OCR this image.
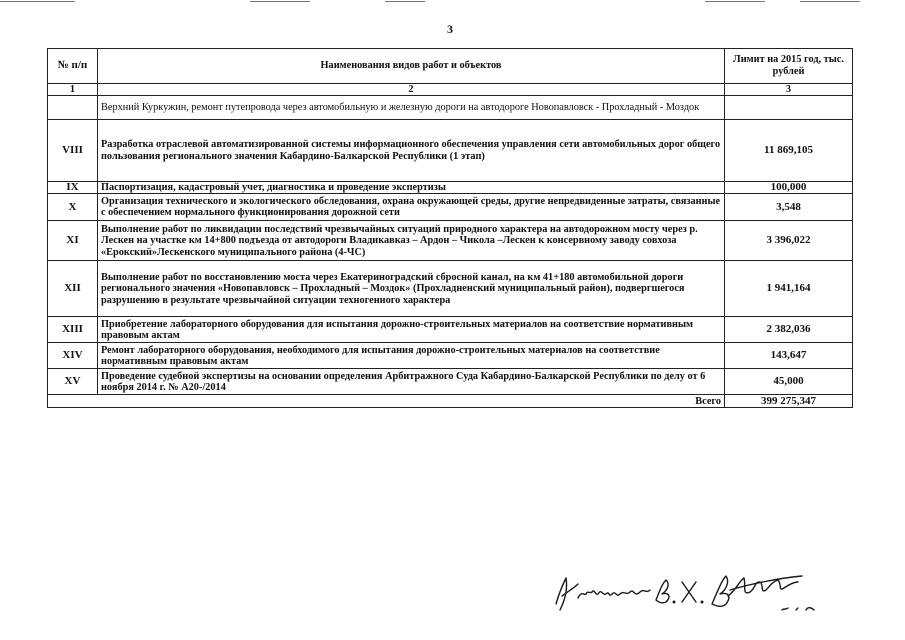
3
№ п/п	Наименования видов работ и объектов	Лимит на 2015 год, тыс. рублей
1	2	3
	Верхний Куркужин, ремонт путепровода через автомобильную и железную дороги на автодороге Новопавловск - Прохладный - Моздок	
VIII	Разработка отраслевой автоматизированной системы информационного обеспечения управления сети автомобильных дорог общего пользования регионального значения Кабардино-Балкарской Республики (1 этап)	11 869,105
IX	Паспортизация, кадастровый учет, диагностика и проведение экспертизы	100,000
X	Организация технического и экологического обследования, охрана окружающей среды, другие непредвиденные затраты, связанные с обеспечением нормального функционирования дорожной сети	3,548
XI	Выполнение работ по ликвидации последствий чрезвычайных ситуаций природного характера на автодорожном мосту через р. Лескен на участке км 14+800 подъезда от автодороги Владикавказ – Ардон – Чикола –Лескен к консервному заводу совхоза «Ерокский»Лескенского муниципального района (4-ЧС)	3 396,022
XII	Выполнение работ по восстановлению моста через Екатериноградский сбросной канал, на км 41+180 автомобильной дороги регионального значения «Новопавловск – Прохладный – Моздок» (Прохладненский муниципальный район), подвергшегося разрушению в результате чрезвычайной ситуации техногенного характера	1 941,164
XIII	Приобретение лабораторного оборудования для испытания дорожно-строительных материалов на соответствие нормативным правовым актам	2 382,036
XIV	Ремонт лабораторного оборудования, необходимого для испытания дорожно-строительных материалов на соответствие нормативным правовым актам	143,647
XV	Проведение судебной экспертизы на основании определения Арбитражного Суда Кабардино-Балкарской Республики по делу от 6 ноября 2014 г. № А20-/2014	45,000
	Всего	399 275,347
